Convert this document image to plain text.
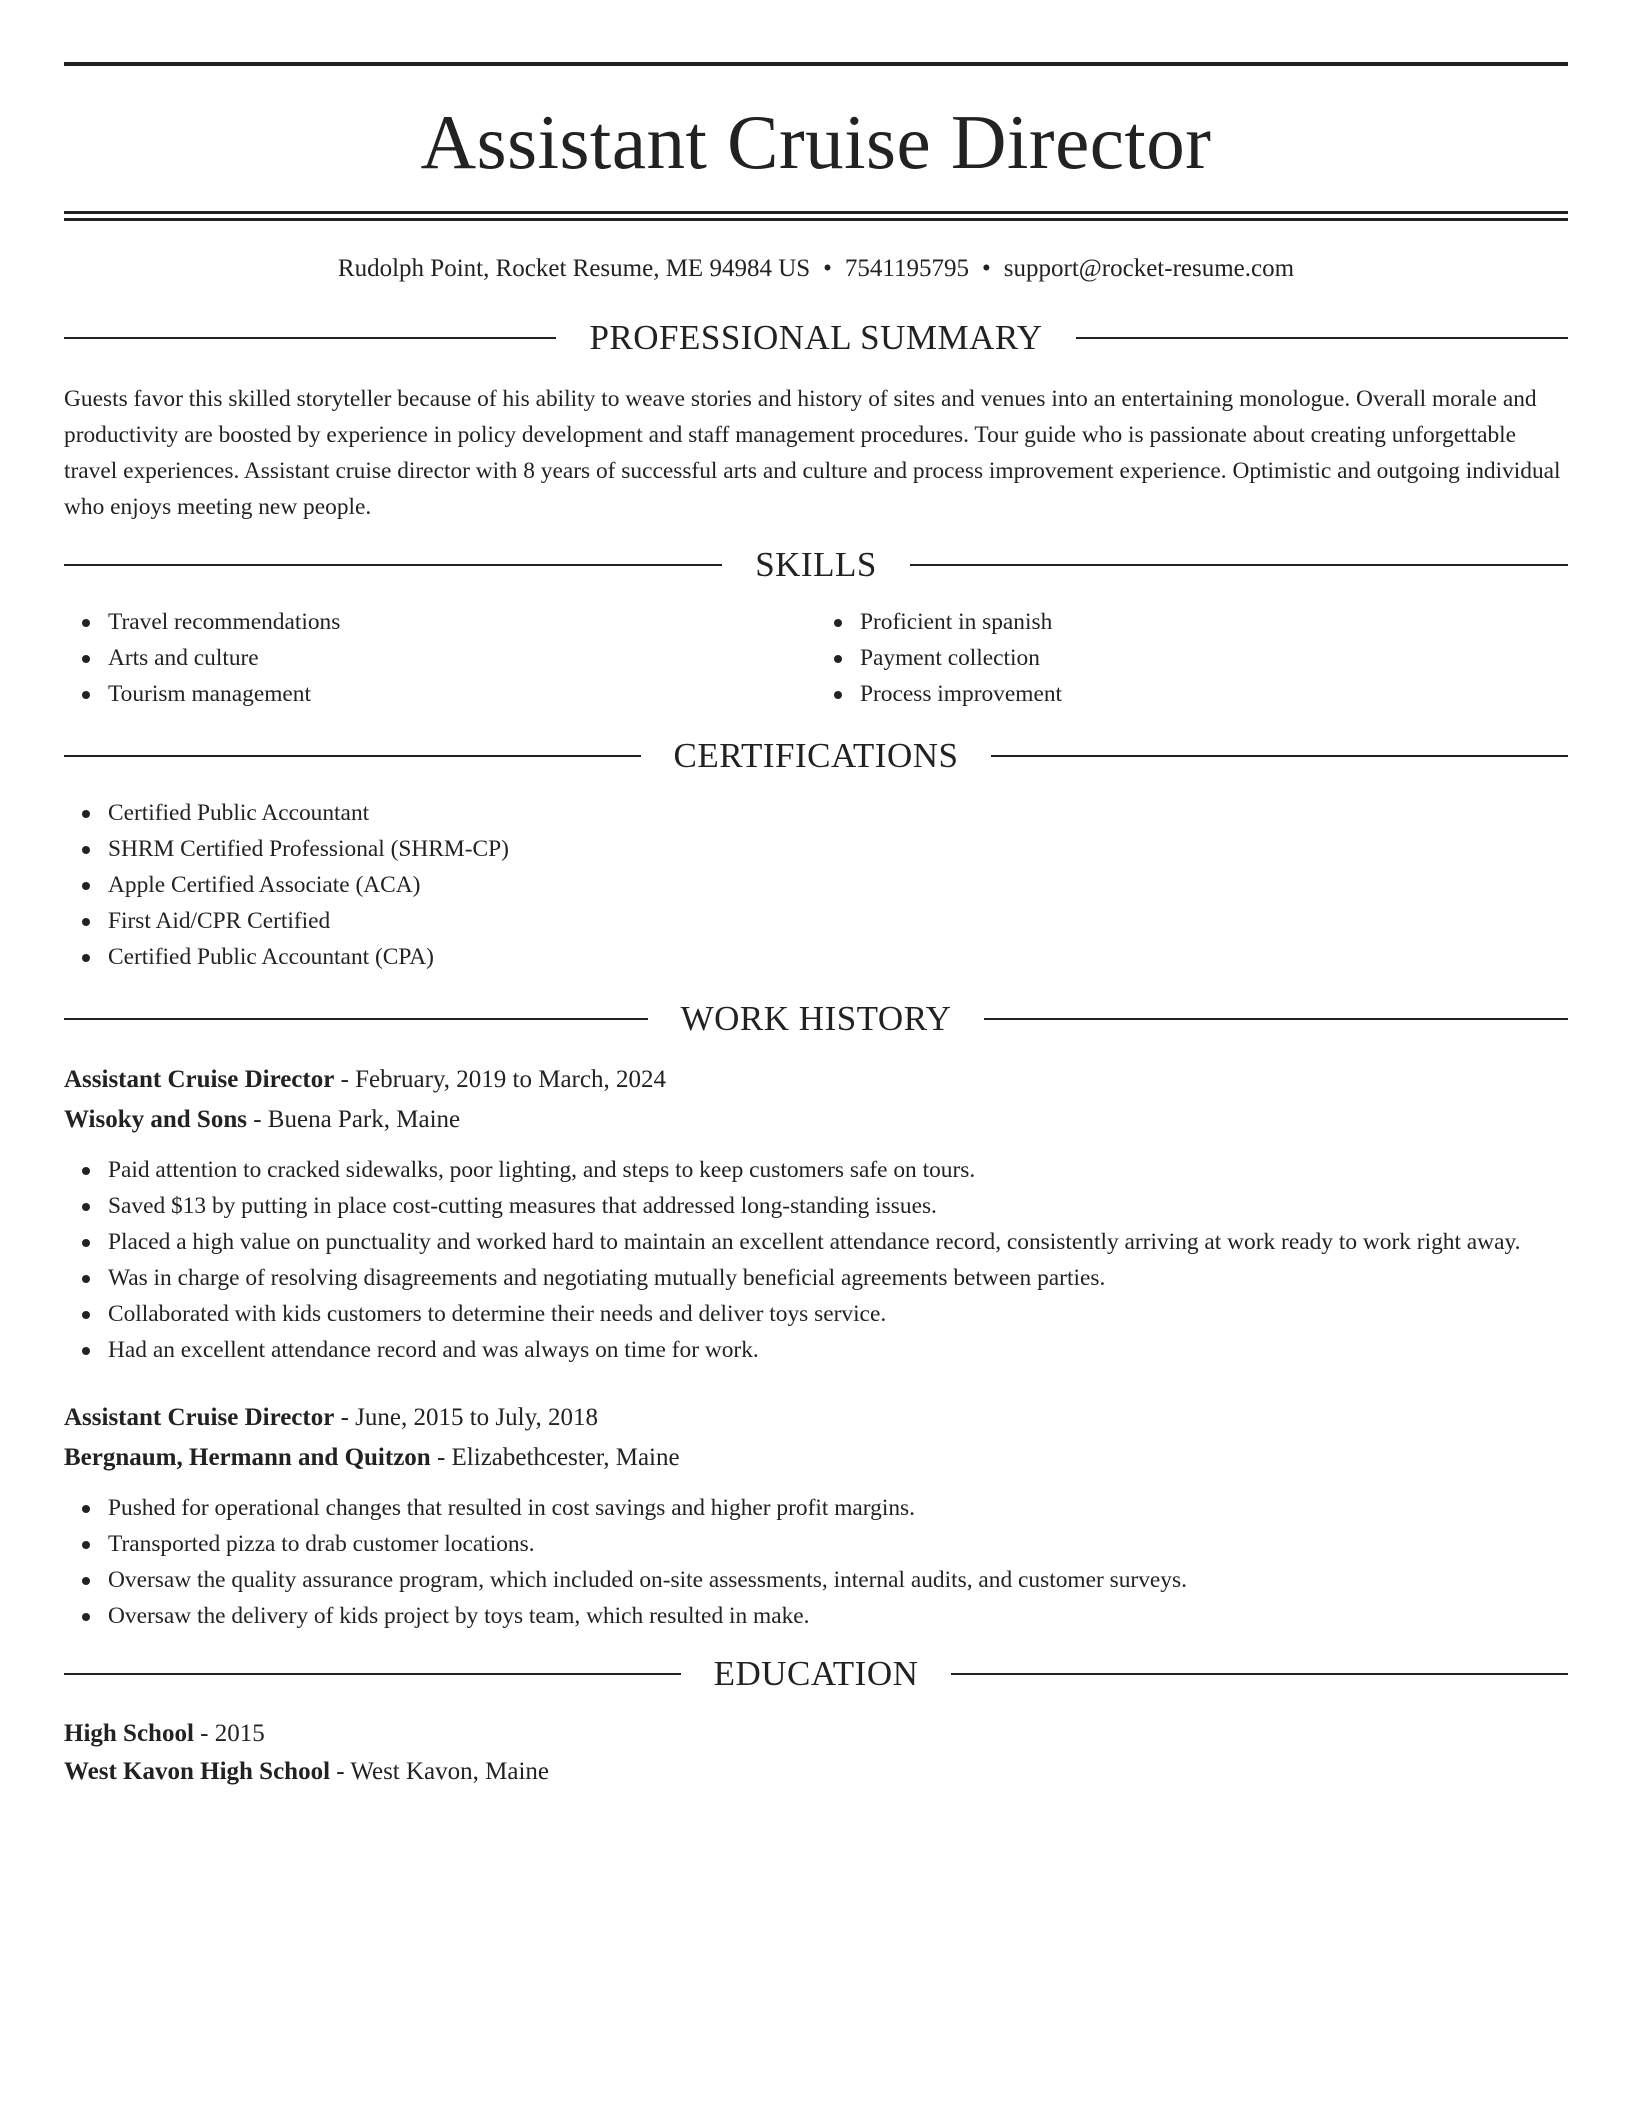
Assistant Cruise Director
Rudolph Point, Rocket Resume, ME 94984 US • 7541195795 • support@rocket-resume.com
PROFESSIONAL SUMMARY

Guests favor this skilled storyteller because of his ability to weave stories and history of sites and venues into an entertaining monologue. Overall morale and productivity are boosted by experience in policy development and staff management procedures. Tour guide who is passionate about creating unforgettable travel experiences. Assistant cruise director with 8 years of successful arts and culture and process improvement experience. Optimistic and outgoing individual who enjoys meeting new people.

SKILLS
Travel recommendations
Arts and culture
Tourism management
Proficient in spanish
Payment collection
Process improvement
CERTIFICATIONS
Certified Public Accountant
SHRM Certified Professional (SHRM-CP)
Apple Certified Associate (ACA)
First Aid/CPR Certified
Certified Public Accountant (CPA)
WORK HISTORY
Assistant Cruise Director - February, 2019 to March, 2024
Wisoky and Sons - Buena Park, Maine
Paid attention to cracked sidewalks, poor lighting, and steps to keep customers safe on tours.
Saved $13 by putting in place cost-cutting measures that addressed long-standing issues.
Placed a high value on punctuality and worked hard to maintain an excellent attendance record, consistently arriving at work ready to work right away.
Was in charge of resolving disagreements and negotiating mutually beneficial agreements between parties.
Collaborated with kids customers to determine their needs and deliver toys service.
Had an excellent attendance record and was always on time for work.
Assistant Cruise Director - June, 2015 to July, 2018
Bergnaum, Hermann and Quitzon - Elizabethcester, Maine
Pushed for operational changes that resulted in cost savings and higher profit margins.
Transported pizza to drab customer locations.
Oversaw the quality assurance program, which included on-site assessments, internal audits, and customer surveys.
Oversaw the delivery of kids project by toys team, which resulted in make.
EDUCATION
High School - 2015
West Kavon High School - West Kavon, Maine
